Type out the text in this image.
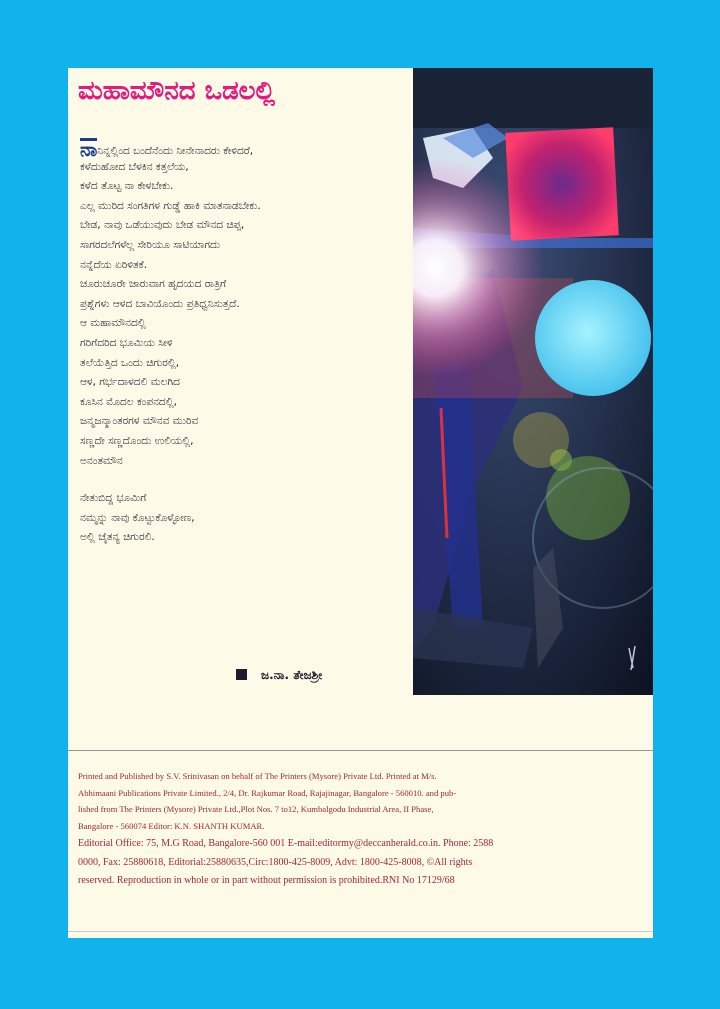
ಮಹಾಮೌನದ ಒಡಲಲ್ಲಿ
ನಾನಿನ್ನಲ್ಲಿಂದ ಬಂದೆನೆಂದು ನೀನೇನಾದರು ಕೇಳಿದರೆ,
ಕಳೆದುಹೋದ ಬೆಳಕಿನ ಕತ್ತಲೆಯ,
ಕಳೆದ ತೊಟ್ಟ ನಾ ಕೇಳಬೇಕು.
ಎಲ್ಲ ಮುರಿದ ಸಂಗತಿಗಳ ಗುಡ್ಡೆ ಹಾಕಿ ಮಾತನಾಡಬೇಕು.
ಬೇಡ, ನಾವು ಒಡೆಯುವುದು ಬೇಡ ಮೌನದ ಚಿಪ್ಪ,
ಸಾಗರದಲೆಗಳೆಲ್ಲ ಸೇರಿಯೂ ಸಾಟಿಯಾಗದು
ನನ್ನೆದೆಯ ಏರಿಳಿತಕೆ.
ಚೂರುಚೂರೇ ಜಾರುವಾಗ ಹೃದಯದ ರಾತ್ರಿಗೆ
ಪ್ರಶ್ನೆಗಳು ಆಳದ ಬಾವಿಯೊಂದು ಪ್ರತಿಧ್ವನಿಸುತ್ತದೆ.
ಆ ಮಹಾಮೌನದಲ್ಲಿ
ಗರಿಗೆದರಿದ ಭೂಮಿಯ ಸೀಳಿ
ತಲೆಯೆತ್ತಿದ ಒಂದು ಚಿಗುರಲ್ಲಿ,
ಆಳ, ಗರ್ಭದಾಳದಲಿ ಮಲಗಿದ
ಕೂಸಿನ ಮೊದಲ ಕಂಪನದಲ್ಲಿ,
ಜನ್ಮಜನ್ಮಾಂತರಗಳ ಮೌನವ ಮುರಿವ
ಸಣ್ಣದೇ ಸಣ್ಣದೊಂದು ಉಲಿಯಲ್ಲಿ,
ಅನಂತಮೌನ
ನೇತುಬಿದ್ದ ಭೂಮಿಗೆ
ನಮ್ಮನ್ನು ನಾವು ಕೊಟ್ಟುಕೊಳ್ಳೋಣ,
ಅಲ್ಲಿ ಚೈತನ್ಯ ಚಿಗುರಲಿ.
ಜ.ನಾ. ತೇಜಶ್ರೀ
Printed and Published by S.V. Srinivasan on behalf of The Printers (Mysore) Private Ltd. Printed at M/s.
Abhimaani Publications Private Limited., 2/4, Dr. Rajkumar Road, Rajajinagar, Bangalore - 560010. and pub-
lished from The Printers (Mysore) Private Ltd.,Plot Nos. 7 to12, Kumbalgodu Industrial Area, II Phase,
Bangalore - 560074 Editor: K.N. SHANTH KUMAR.
Editorial Office: 75, M.G Road, Bangalore-560 001 E-mail:editormy@deccanherald.co.in. Phone: 2588
0000, Fax: 25880618, Editorial:25880635,Circ:1800-425-8009, Advt: 1800-425-8008, ©All rights
reserved. Reproduction in whole or in part without permission is prohibited.RNI No 17129/68
